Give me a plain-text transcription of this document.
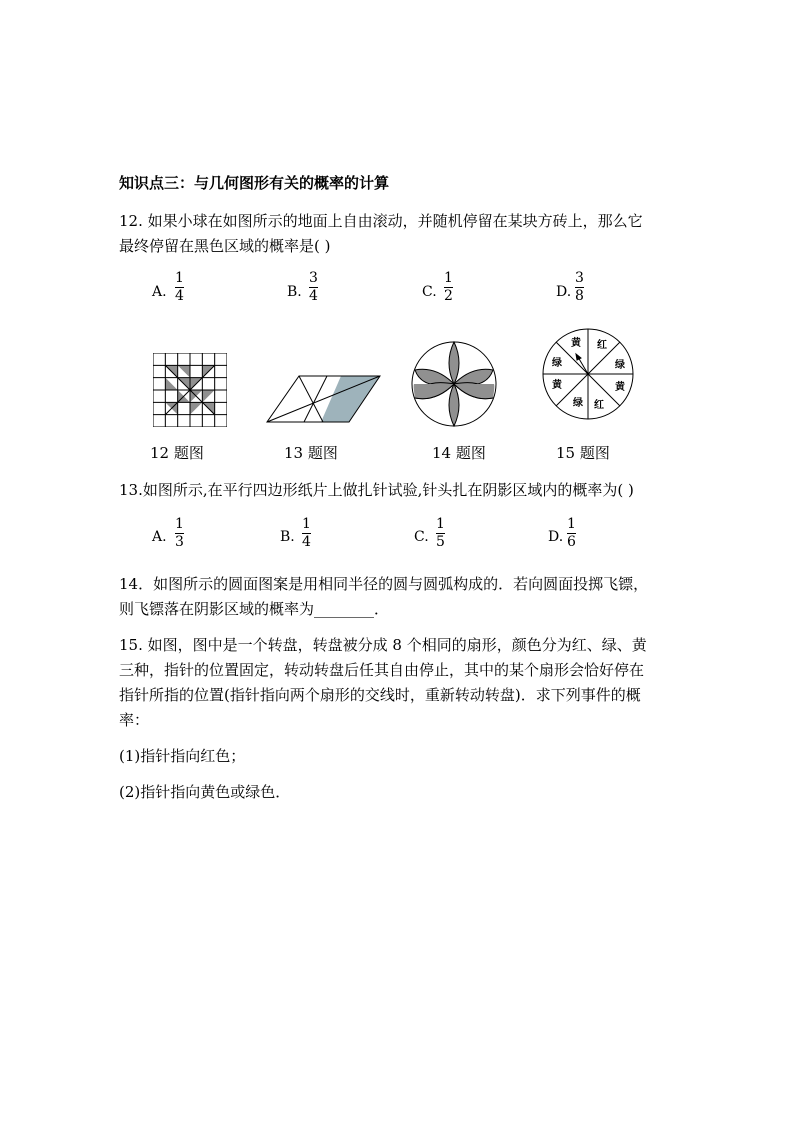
知识点三：与几何图形有关的概率的计算
12. 如果小球在如图所示的地面上自由滚动，并随机停留在某块方砖上，那么它
最终停留在黑色区域的概率是( )
A.
1
4	B.
3
4	C.
1
2	D.
3
8
黄 红
绿
黄
红
绿
黄
绿
12 题图	13 题图	14 题图	15 题图
13.如图所示,在平行四边形纸片上做扎针试验,针头扎在阴影区域内的概率为( )
A.
1
3	B.
1
4	C.
1
5	D.
1
6
14．如图所示的圆面图案是用相同半径的圆与圆弧构成的．若向圆面投掷飞镖，
则飞镖落在阴影区域的概率为________．
15. 如图，图中是一个转盘，转盘被分成 8 个相同的扇形，颜色分为红、绿、黄
三种，指针的位置固定，转动转盘后任其自由停止，其中的某个扇形会恰好停在
指针所指的位置(指针指向两个扇形的交线时，重新转动转盘)．求下列事件的概
率：
(1)指针指向红色；
(2)指针指向黄色或绿色．
